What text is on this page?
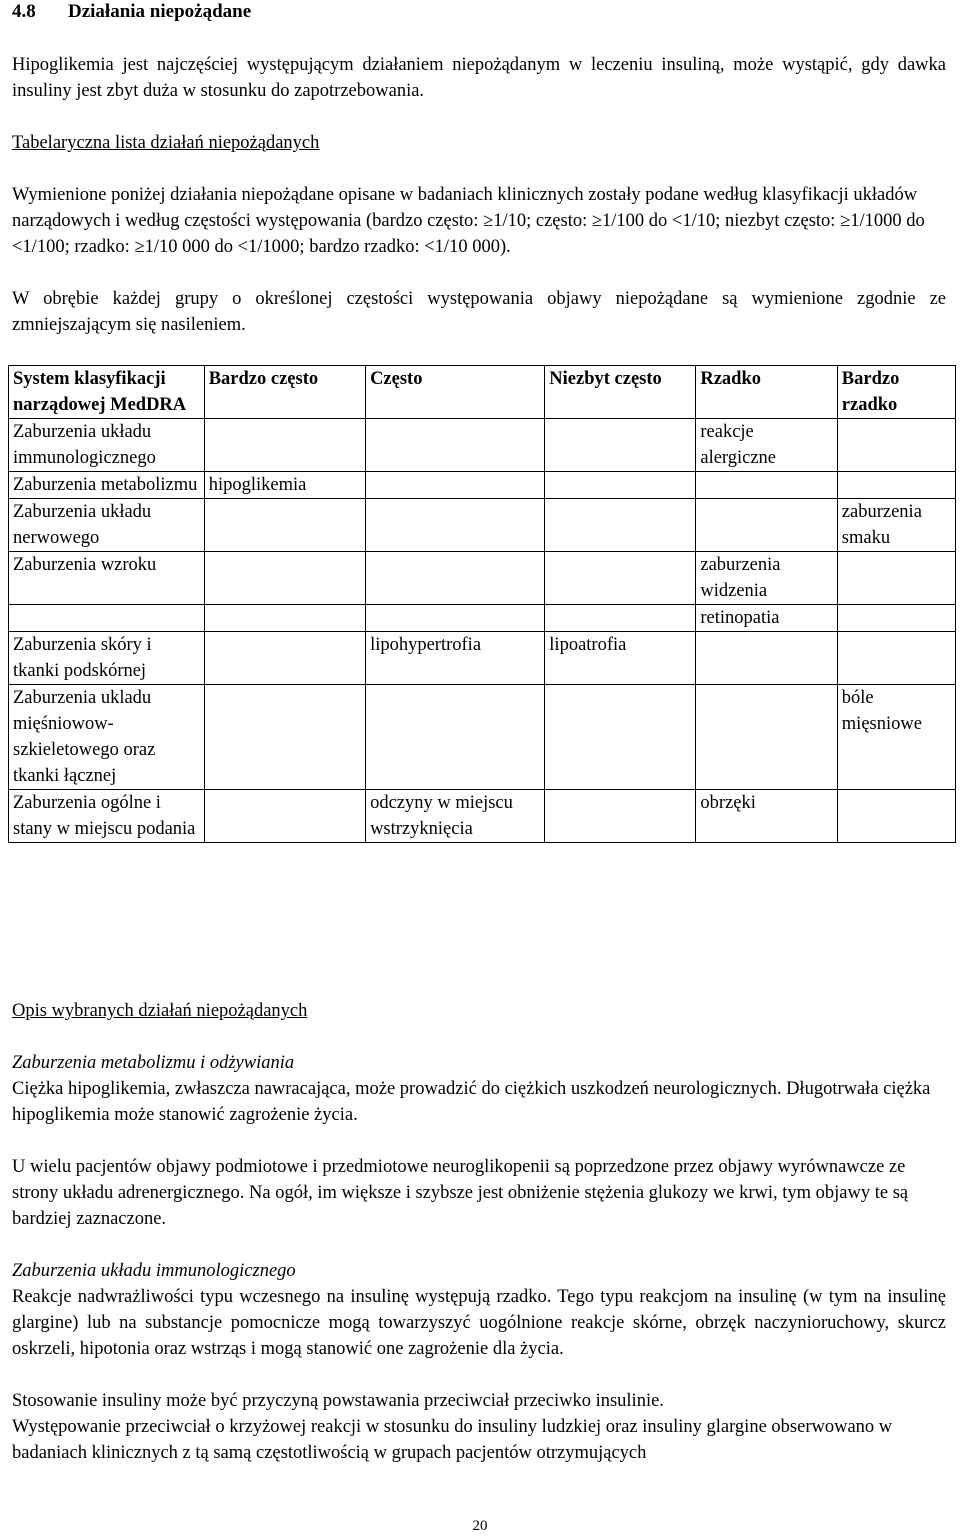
4.8 Działania niepożądane

Hipoglikemia jest najczęściej występującym działaniem niepożądanym w leczeniu insuliną, może wystąpić, gdy dawka insuliny jest zbyt duża w stosunku do zapotrzebowania.

Tabelaryczna lista działań niepożądanych

Wymienione poniżej działania niepożądane opisane w badaniach klinicznych zostały podane według klasyfikacji układów narządowych i według częstości występowania (bardzo często: ≥1/10; często: ≥1/100 do <1/10; niezbyt często: ≥1/1000 do <1/100; rzadko: ≥1/10 000 do <1/1000; bardzo rzadko: <1/10 000).

W obrębie każdej grupy o określonej częstości występowania objawy niepożądane są wymienione zgodnie ze zmniejszającym się nasileniem.

System klasyfikacji narządowej MedDRA	Bardzo często	Często	Niezbyt często	Rzadko	Bardzo rzadko
Zaburzenia układu immunologicznego				reakcje alergiczne	
Zaburzenia metabolizmu	hipoglikemia				
Zaburzenia układu nerwowego					zaburzenia smaku
Zaburzenia wzroku				zaburzenia widzenia	
				retinopatia	
Zaburzenia skóry i tkanki podskórnej		lipohypertrofia	lipoatrofia		
Zaburzenia ukladu mięśniowow-szkieletowego oraz tkanki łącznej					bóle mięsniowe
Zaburzenia ogólne i stany w miejscu podania		odczyny w miejscu wstrzyknięcia		obrzęki	

Opis wybranych działań niepożądanych

Zaburzenia metabolizmu i odżywiania

Ciężka hipoglikemia, zwłaszcza nawracająca, może prowadzić do ciężkich uszkodzeń neurologicznych. Długotrwała ciężka hipoglikemia może stanowić zagrożenie życia.

U wielu pacjentów objawy podmiotowe i przedmiotowe neuroglikopenii są poprzedzone przez objawy wyrównawcze ze strony układu adrenergicznego. Na ogół, im większe i szybsze jest obniżenie stężenia glukozy we krwi, tym objawy te są bardziej zaznaczone.

Zaburzenia układu immunologicznego

Reakcje nadwrażliwości typu wczesnego na insulinę występują rzadko. Tego typu reakcjom na insulinę (w tym na insulinę glargine) lub na substancje pomocnicze mogą towarzyszyć uogólnione reakcje skórne, obrzęk naczynioruchowy, skurcz oskrzeli, hipotonia oraz wstrząs i mogą stanowić one zagrożenie dla życia.

Stosowanie insuliny może być przyczyną powstawania przeciwciał przeciwko insulinie.

Występowanie przeciwciał o krzyżowej reakcji w stosunku do insuliny ludzkiej oraz insuliny glargine obserwowano w badaniach klinicznych z tą samą częstotliwością w grupach pacjentów otrzymujących

20
